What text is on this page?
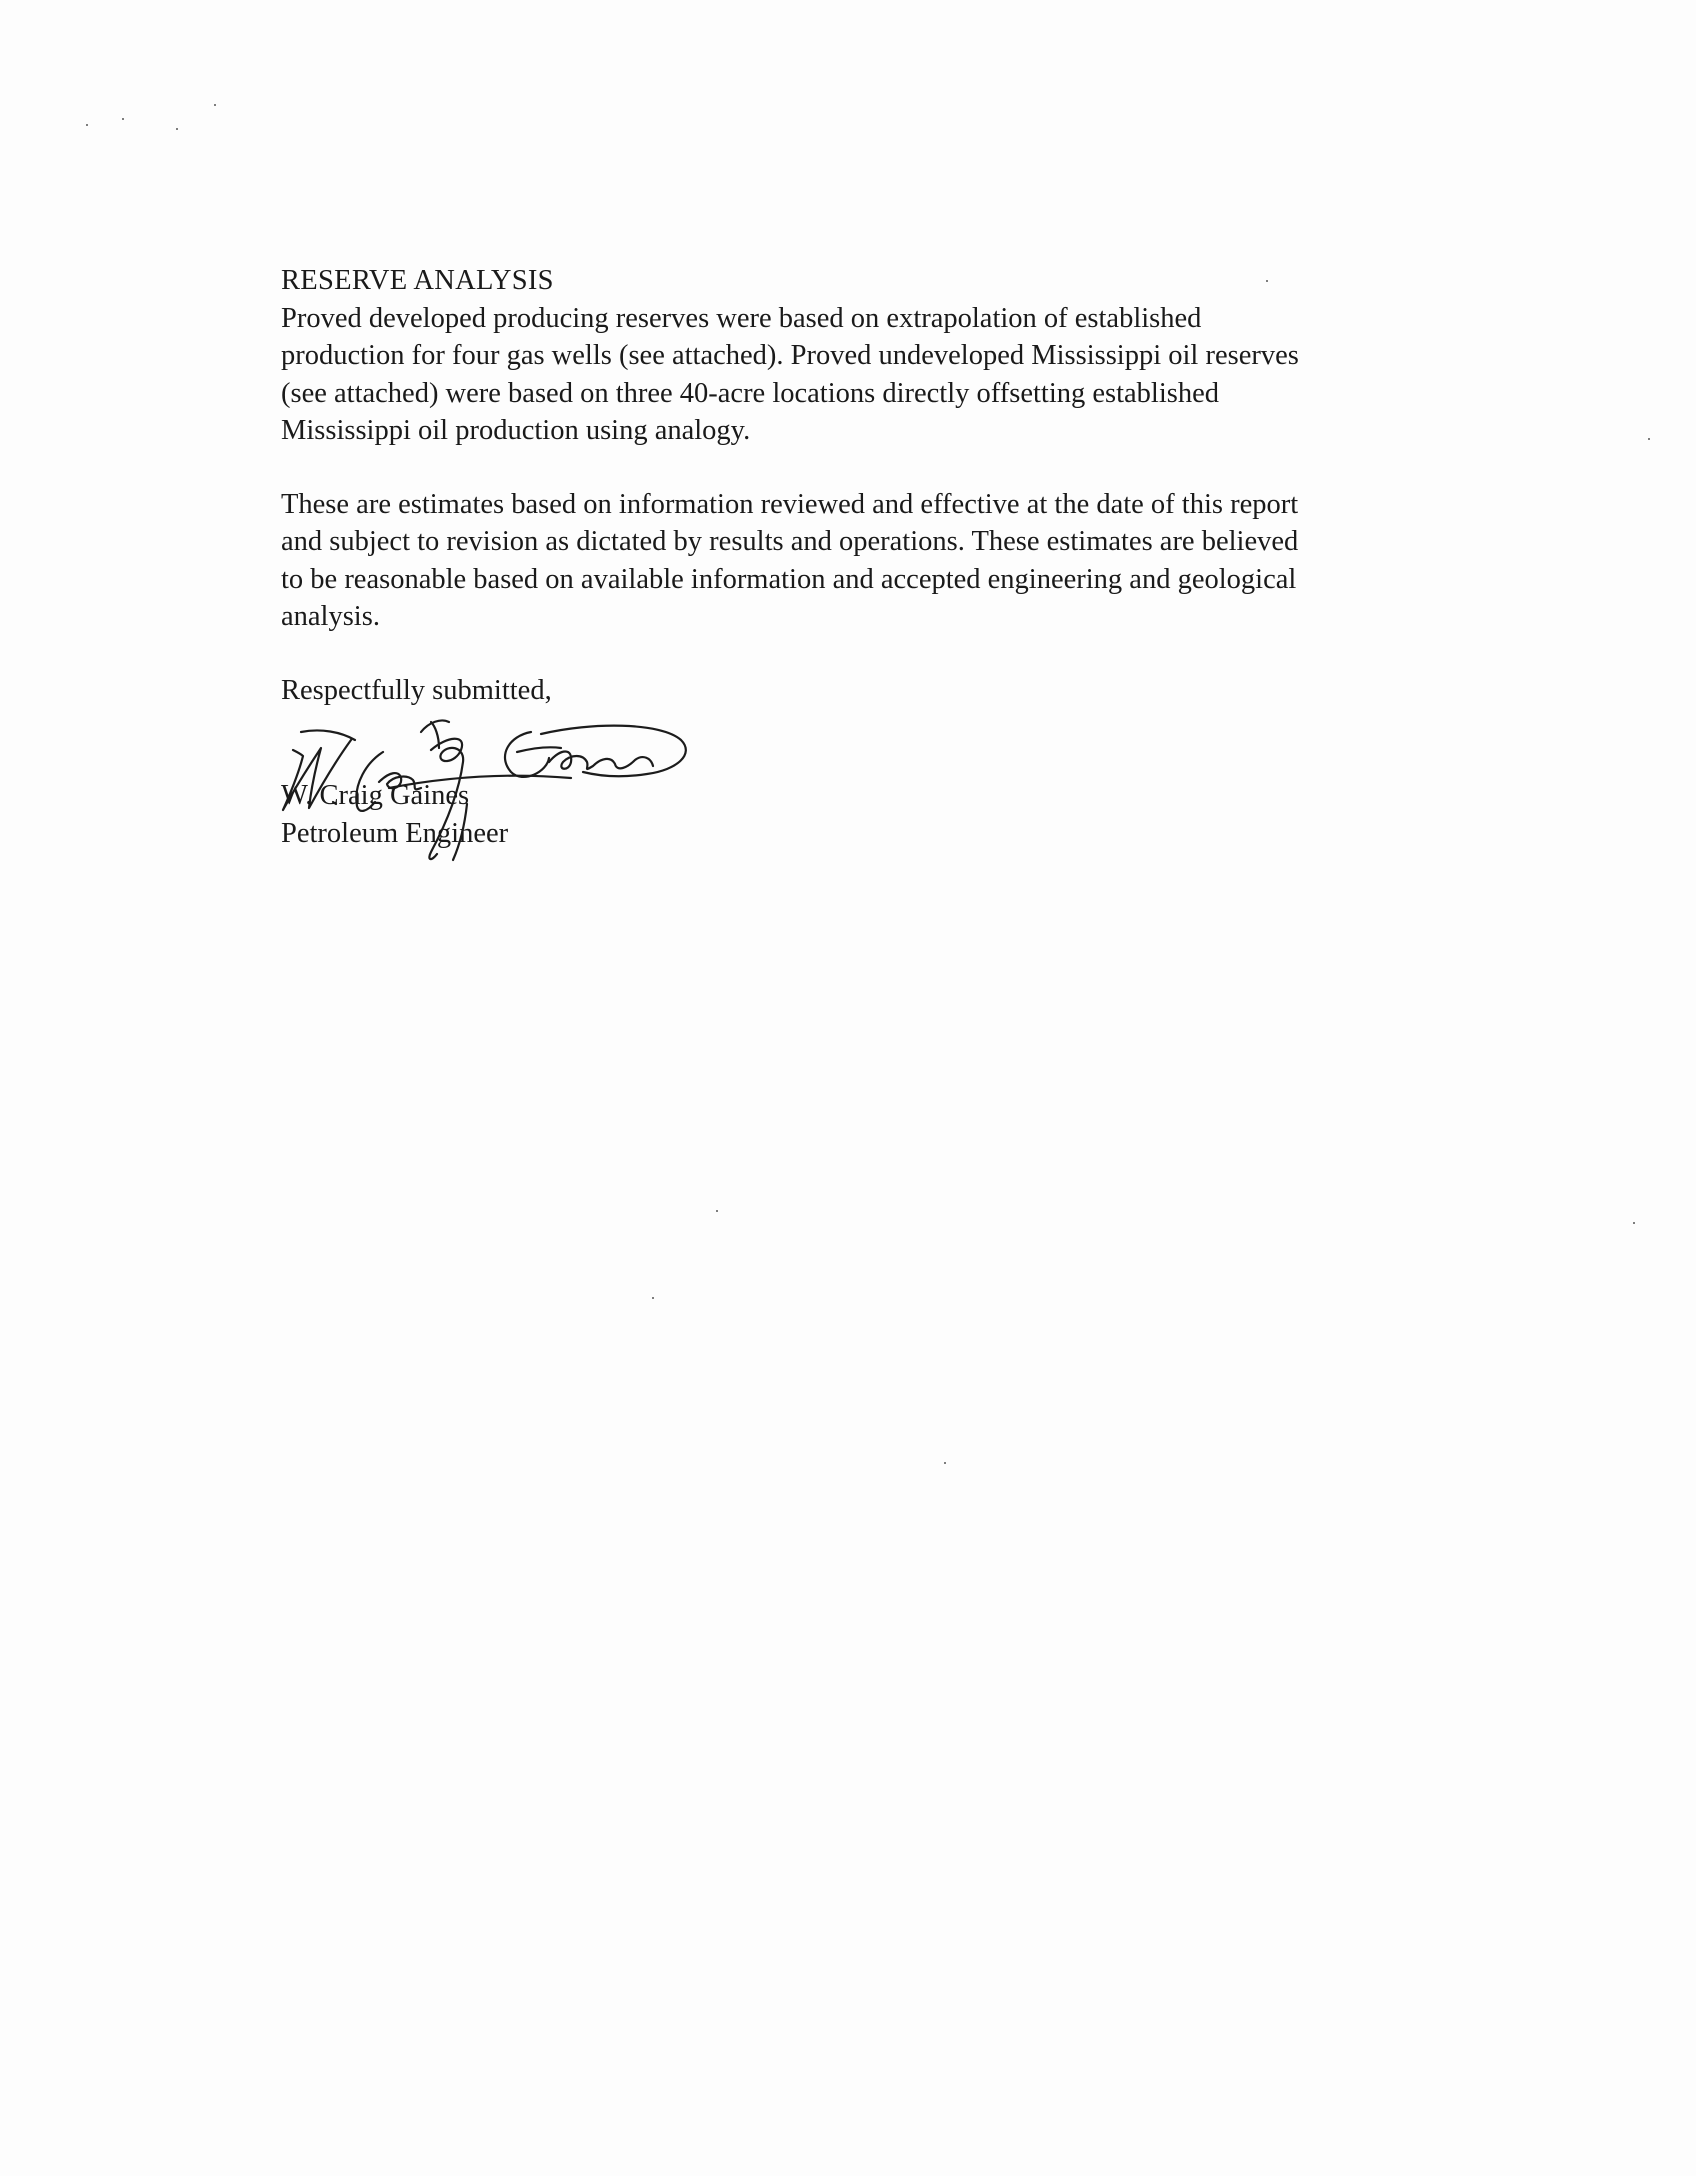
RESERVE ANALYSIS
Proved developed producing reserves were based on extrapolation of established
production for four gas wells (see attached). Proved undeveloped Mississippi oil reserves
(see attached) were based on three 40-acre locations directly offsetting established
Mississippi oil production using analogy.
These are estimates based on information reviewed and effective at the date of this report
and subject to revision as dictated by results and operations. These estimates are believed
to be reasonable based on available information and accepted engineering and geological
analysis.
Respectfully submitted,
W. Craig Gaines
Petroleum Engineer
